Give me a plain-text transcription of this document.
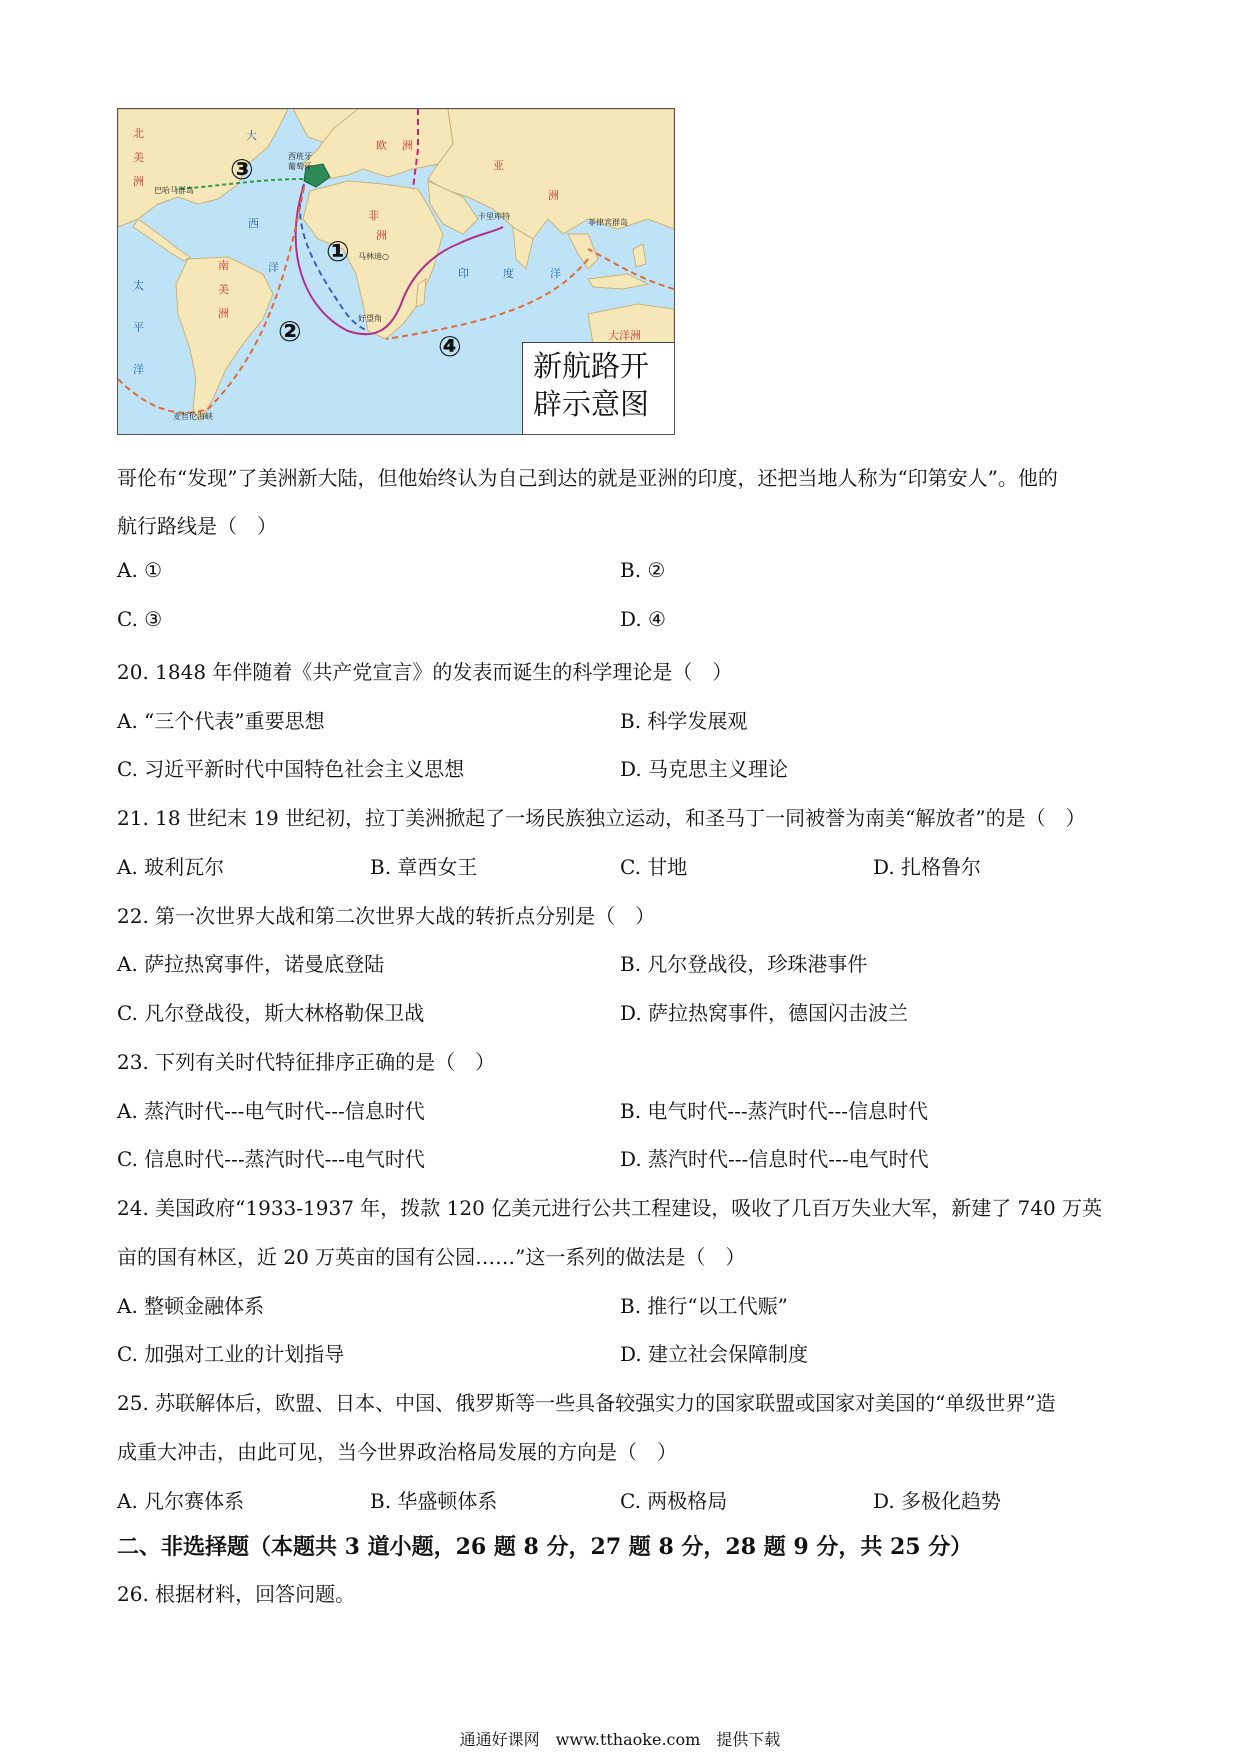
北美洲
南美洲
欧 洲
亚
洲
非
洲
大
西
洋
太平洋
印	度	洋
大洋洲
西班牙葡萄牙
巴哈马群岛
卡里库特
马林迪○
好望角
菲律宾群岛
麦哲伦海峡
①
②
③
④
新航路开
辟示意图
哥伦布“发现”了美洲新大陆，但他始终认为自己到达的就是亚洲的印度，还把当地人称为“印第安人”。他的
航行路线是（　）
A. ①	B. ②
C. ③	D. ④
20. 1848 年伴随着《共产党宣言》的发表而诞生的科学理论是（　）
A. “三个代表”重要思想	B. 科学发展观
C. 习近平新时代中国特色社会主义思想	D. 马克思主义理论
21. 18 世纪末 19 世纪初，拉丁美洲掀起了一场民族独立运动，和圣马丁一同被誉为南美“解放者”的是（　）
A. 玻利瓦尔	B. 章西女王	C. 甘地	D. 扎格鲁尔
22. 第一次世界大战和第二次世界大战的转折点分别是（　）
A. 萨拉热窝事件，诺曼底登陆	B. 凡尔登战役，珍珠港事件
C. 凡尔登战役，斯大林格勒保卫战	D. 萨拉热窝事件，德国闪击波兰
23. 下列有关时代特征排序正确的是（　）
A. 蒸汽时代---电气时代---信息时代	B. 电气时代---蒸汽时代---信息时代
C. 信息时代---蒸汽时代---电气时代	D. 蒸汽时代---信息时代---电气时代
24. 美国政府“1933-1937 年，拨款 120 亿美元进行公共工程建设，吸收了几百万失业大军，新建了 740 万英
亩的国有林区，近 20 万英亩的国有公园……”这一系列的做法是（　）
A. 整顿金融体系	B. 推行“以工代赈”
C. 加强对工业的计划指导	D. 建立社会保障制度
25. 苏联解体后，欧盟、日本、中国、俄罗斯等一些具备较强实力的国家联盟或国家对美国的“单级世界”造
成重大冲击，由此可见，当今世界政治格局发展的方向是（　）
A. 凡尔赛体系	B. 华盛顿体系	C. 两极格局	D. 多极化趋势
二、非选择题（本题共 3 道小题，26 题 8 分，27 题 8 分，28 题 9 分，共 25 分）
26. 根据材料，回答问题。
通通好课网　www.tthaoke.com　提供下载
